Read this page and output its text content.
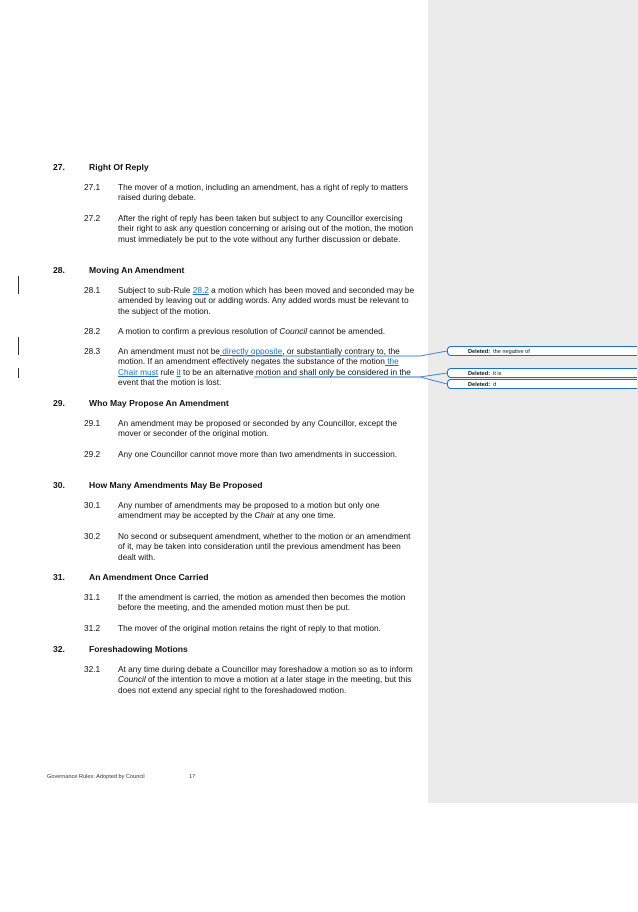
27.	Right Of Reply
27.1 The mover of a motion, including an amendment, has a right of reply to matters raised during debate.
27.2 After the right of reply has been taken but subject to any Councillor exercising their right to ask any question concerning or arising out of the motion, the motion must immediately be put to the vote without any further discussion or debate.
28.	Moving An Amendment
28.1 Subject to sub-Rule 28.2 a motion which has been moved and seconded may be amended by leaving out or adding words. Any added words must be relevant to the subject of the motion.
28.2 A motion to confirm a previous resolution of Council cannot be amended.
28.3 An amendment must not be directly opposite, or substantially contrary to, the motion. If an amendment effectively negates the substance of the motion the Chair must rule it to be an alternative motion and shall only be considered in the event that the motion is lost.
29.	Who May Propose An Amendment
29.1 An amendment may be proposed or seconded by any Councillor, except the mover or seconder of the original motion.
29.2 Any one Councillor cannot move more than two amendments in succession.
30.	How Many Amendments May Be Proposed
30.1 Any number of amendments may be proposed to a motion but only one amendment may be accepted by the Chair at any one time.
30.2 No second or subsequent amendment, whether to the motion or an amendment of it, may be taken into consideration until the previous amendment has been dealt with.
31.	An Amendment Once Carried
31.1 If the amendment is carried, the motion as amended then becomes the motion before the meeting, and the amended motion must then be put.
31.2 The mover of the original motion retains the right of reply to that motion.
32.	Foreshadowing Motions
32.1 At any time during debate a Councillor may foreshadow a motion so as to inform Council of the intention to move a motion at a later stage in the meeting, but this does not extend any special right to the foreshadowed motion.
Governance Rules: Adopted by Council	17
Deleted: the negative of
Deleted: it is
Deleted: d
